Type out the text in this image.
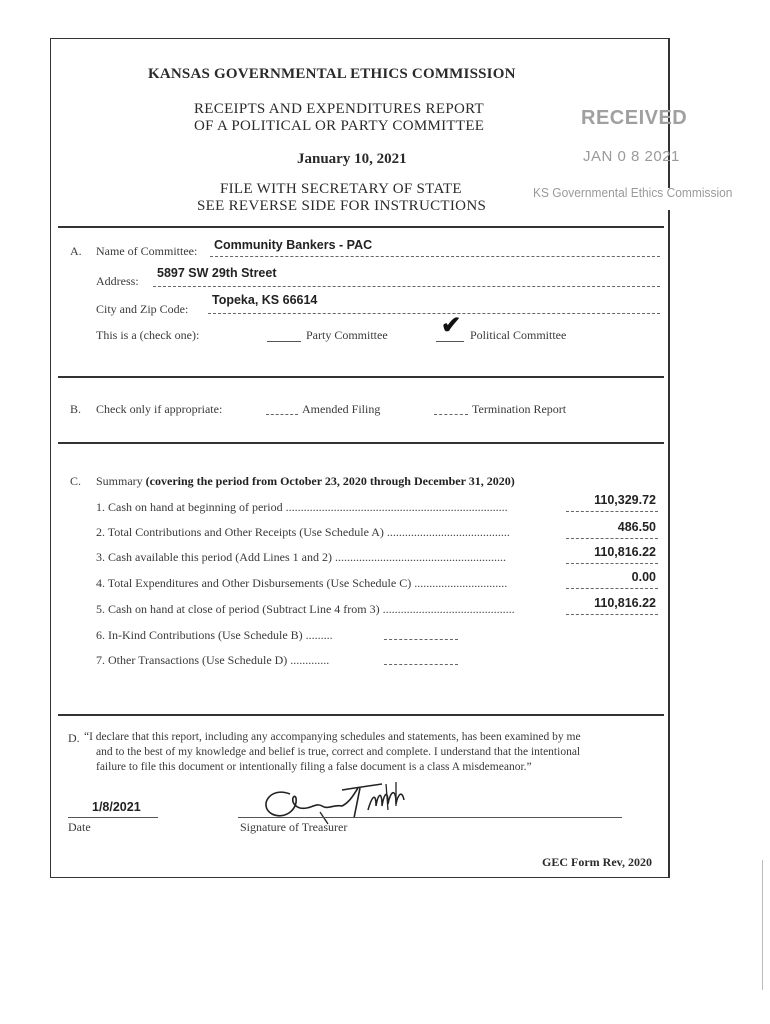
KANSAS GOVERNMENTAL ETHICS COMMISSION
RECEIPTS AND EXPENDITURES REPORT
OF A POLITICAL OR PARTY COMMITTEE
January 10, 2021
FILE WITH SECRETARY OF STATE
SEE REVERSE SIDE FOR INSTRUCTIONS
RECEIVED
JAN 0 8 2021
KS Governmental Ethics Commission
A. Name of Committee: Community Bankers - PAC
Address:
5897 SW 29th Street
City and Zip Code:
Topeka, KS 66614
This is a (check one):	Party Committee ✔ Political Committee
B. Check only if appropriate:	Amended Filing	Termination Report
C. Summary (covering the period from October 23, 2020 through December 31, 2020)
1. Cash on hand at beginning of period ..........................................................................	110,329.72
2. Total Contributions and Other Receipts (Use Schedule A) .........................................	486.50
3. Cash available this period (Add Lines 1 and 2) .........................................................	110,816.22
4. Total Expenditures and Other Disbursements (Use Schedule C) ...............................	0.00
5. Cash on hand at close of period (Subtract Line 4 from 3) ............................................	110,816.22
6. In-Kind Contributions (Use Schedule B) .........
7. Other Transactions (Use Schedule D) .............
D. “I declare that this report, including any accompanying schedules and statements, has been examined by me
and to the best of my knowledge and belief is true, correct and complete. I understand that the intentional
failure to file this document or intentionally filing a false document is a class A misdemeanor.”
1/8/2021
Date	Signature of Treasurer
GEC Form Rev, 2020
